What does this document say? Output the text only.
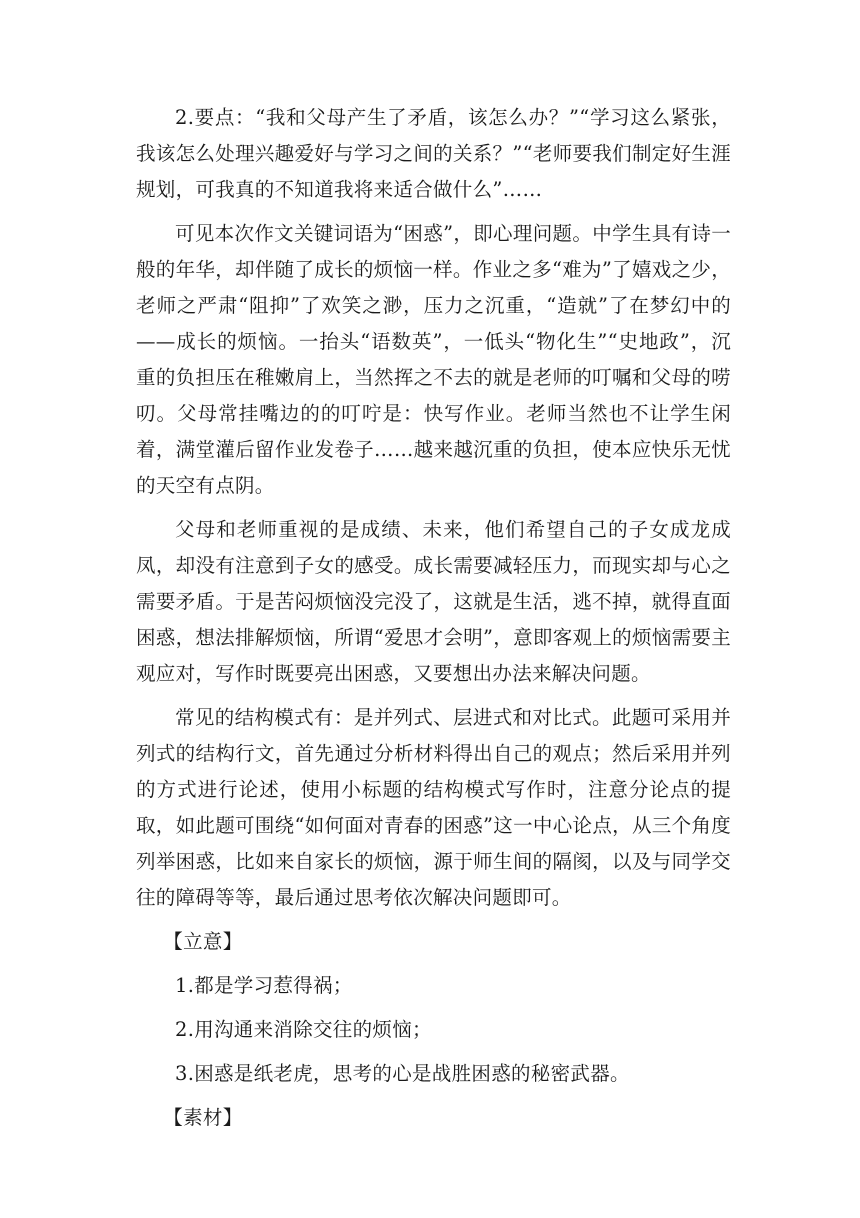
2.要点：“我和父母产生了矛盾，该怎么办？”“学习这么紧张，我该怎么处理兴趣爱好与学习之间的关系？”“老师要我们制定好生涯规划，可我真的不知道我将来适合做什么”……

可见本次作文关键词语为“困惑”，即心理问题。中学生具有诗一般的年华，却伴随了成长的烦恼一样。作业之多“难为”了嬉戏之少，老师之严肃“阻抑”了欢笑之渺，压力之沉重，“造就”了在梦幻中的——成长的烦恼。一抬头“语数英”，一低头“物化生”“史地政”，沉重的负担压在稚嫩肩上，当然挥之不去的就是老师的叮嘱和父母的唠叨。父母常挂嘴边的的叮咛是：快写作业。老师当然也不让学生闲着，满堂灌后留作业发卷子……越来越沉重的负担，使本应快乐无忧的天空有点阴。

父母和老师重视的是成绩、未来，他们希望自己的子女成龙成凤，却没有注意到子女的感受。成长需要减轻压力，而现实却与心之需要矛盾。于是苦闷烦恼没完没了，这就是生活，逃不掉，就得直面困惑，想法排解烦恼，所谓“爱思才会明”，意即客观上的烦恼需要主观应对，写作时既要亮出困惑，又要想出办法来解决问题。

常见的结构模式有：是并列式、层进式和对比式。此题可采用并列式的结构行文，首先通过分析材料得出自己的观点；然后采用并列的方式进行论述，使用小标题的结构模式写作时，注意分论点的提取，如此题可围绕“如何面对青春的困惑”这一中心论点，从三个角度列举困惑，比如来自家长的烦恼，源于师生间的隔阂，以及与同学交往的障碍等等，最后通过思考依次解决问题即可。

【立意】

1.都是学习惹得祸；

2.用沟通来消除交往的烦恼；

3.困惑是纸老虎，思考的心是战胜困惑的秘密武器。

【素材】
